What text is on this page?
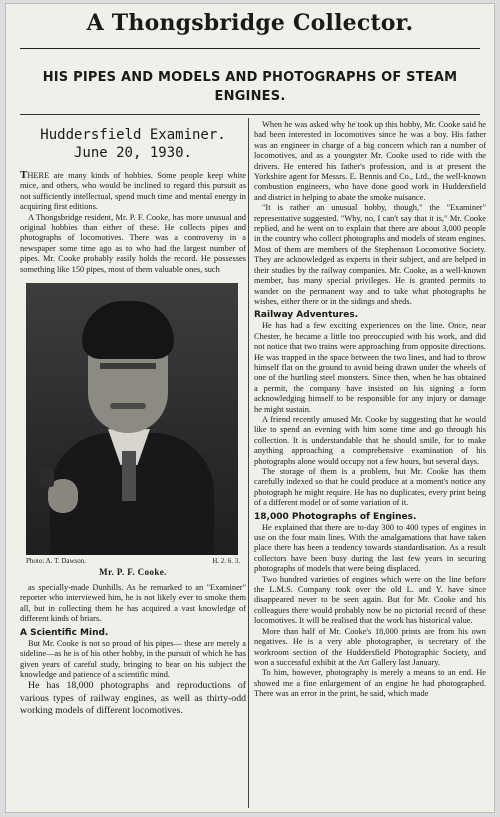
A Thongsbridge Collector.
HIS PIPES AND MODELS AND PHOTOGRAPHS OF STEAM ENGINES.
Huddersfield Examiner.
June 20, 1930.

THERE are many kinds of hobbies. Some people keep white mice, and others, who would be inclined to regard this pursuit as not sufficiently intellectual, spend much time and mental energy in acquiring first editions.

A Thongsbridge resident, Mr. P. F. Cooke, has more unusual and original hobbies than either of these. He collects pipes and photographs of locomotives. There was a controversy in a newspaper some time ago as to who had the largest number of pipes. Mr. Cooke probably easily holds the record. He possesses something like 150 pipes, most of them valuable ones, such

Photo: A. T. Dawson.	H. 2. 6. 3.
Mr. P. F. Cooke.

as specially-made Dunhills. As he remarked to an "Examiner" reporter who interviewed him, he is not likely ever to smoke them all, but in collecting them he has acquired a vast knowledge of different kinds of briars.

A Scientific Mind.

But Mr. Cooke is not so proud of his pipes— these are merely a sideline—as he is of his other hobby, in the pursuit of which he has given years of careful study, bringing to bear on his subject the knowledge and patience of a scientific mind.

He has 18,000 photographs and reproductions of various types of railway engines, as well as thirty-odd working models of different locomotives.

When he was asked why he took up this hobby, Mr. Cooke said he had been interested in locomotives since he was a boy. His father was an engineer in charge of a big concern which ran a number of locomotives, and as a youngster Mr. Cooke used to ride with the drivers. He entered his father's profession, and is at present the Yorkshire agent for Messrs. E. Bennis and Co., Ltd., the well-known combustion engineers, who have done good work in Huddersfield and district in helping to abate the smoke nuisance.

"It is rather an unusual hobby, though," the "Examiner" representative suggested. "Why, no, I can't say that it is," Mr. Cooke replied, and he went on to explain that there are about 3,000 people in the country who collect photographs and models of steam engines. Most of them are members of the Stephenson Locomotive Society. They are acknowledged as experts in their subject, and are helped in their studies by the railway companies. Mr. Cooke, as a well-known member, has many special privileges. He is granted permits to wander on the permanent way and to take what photographs he wishes, either there or in the sidings and sheds.

Railway Adventures.

He has had a few exciting experiences on the line. Once, near Chester, he became a little too preoccupied with his work, and did not notice that two trains were approaching from opposite directions. He was trapped in the space between the two lines, and had to throw himself flat on the ground to avoid being drawn under the wheels of one of the hurtling steel monsters. Since then, when he has obtained a permit, the company have insisted on his signing a form acknowledging himself to be responsible for any injury or damage he might sustain.

A friend recently amused Mr. Cooke by suggesting that he would like to spend an evening with him some time and go through his collection. It is understandable that he should smile, for to make anything approaching a comprehensive examination of his photographs alone would occupy not a few hours, but several days.

The storage of them is a problem, but Mr. Cooke has them carefully indexed so that he could produce at a moment's notice any photograph he might require. He has no duplicates, every print being of a different model or of some variation of it.

18,000 Photographs of Engines.

He explained that there are to-day 300 to 400 types of engines in use on the four main lines. With the amalgamations that have taken place there has been a tendency towards standardisation. As a result collectors have been busy during the last few years in securing photographs of models that were being displaced.

Two hundred varieties of engines which were on the line before the L.M.S. Company took over the old L. and Y. have since disappeared never to be seen again. But for Mr. Cooke and his colleagues there would probably now be no pictorial record of these locomotives. It will be realised that the work has historical value.

More than half of Mr. Cooke's 18,000 prints are from his own negatives. He is a very able photographer, is secretary of the workroom section of the Huddersfield Photographic Society, and won a successful exhibit at the Art Gallery last January.

To him, however, photography is merely a means to an end. He showed me a fine enlargement of an engine he had photographed. There was an error in the print, he said, which made
